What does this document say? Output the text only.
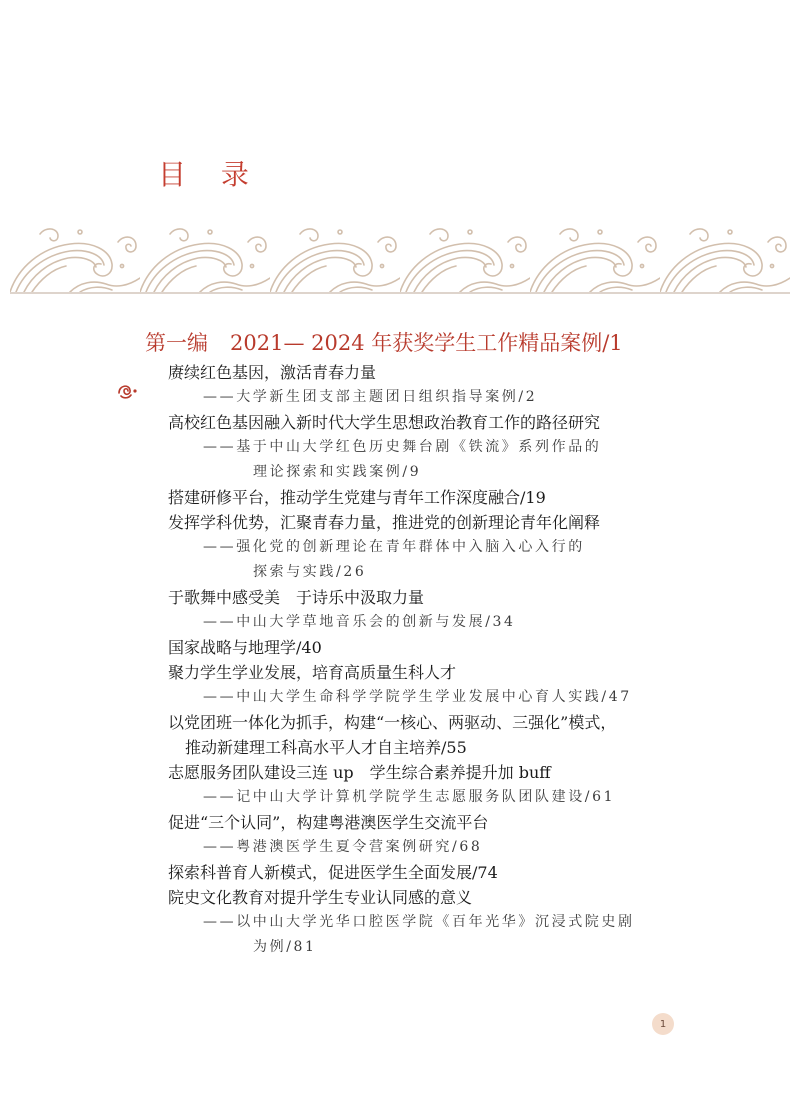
目 录

第一编 2021— 2024 年获奖学生工作精品案例/1
赓续红色基因，激活青春力量
——大学新生团支部主题团日组织指导案例/2
高校红色基因融入新时代大学生思想政治教育工作的路径研究
——基于中山大学红色历史舞台剧《铁流》系列作品的
理论探索和实践案例/9
搭建研修平台，推动学生党建与青年工作深度融合/19
发挥学科优势，汇聚青春力量，推进党的创新理论青年化阐释
——强化党的创新理论在青年群体中入脑入心入行的
探索与实践/26
于歌舞中感受美　于诗乐中汲取力量
——中山大学草地音乐会的创新与发展/34
国家战略与地理学/40
聚力学生学业发展，培育高质量生科人才
——中山大学生命科学学院学生学业发展中心育人实践/47
以党团班一体化为抓手，构建“一核心、两驱动、三强化”模式，
推动新建理工科高水平人才自主培养/55
志愿服务团队建设三连 up　学生综合素养提升加 buff
——记中山大学计算机学院学生志愿服务队团队建设/61
促进“三个认同”，构建粤港澳医学生交流平台
——粤港澳医学生夏令营案例研究/68
探索科普育人新模式，促进医学生全面发展/74
院史文化教育对提升学生专业认同感的意义
——以中山大学光华口腔医学院《百年光华》沉浸式院史剧
为例/81
1
